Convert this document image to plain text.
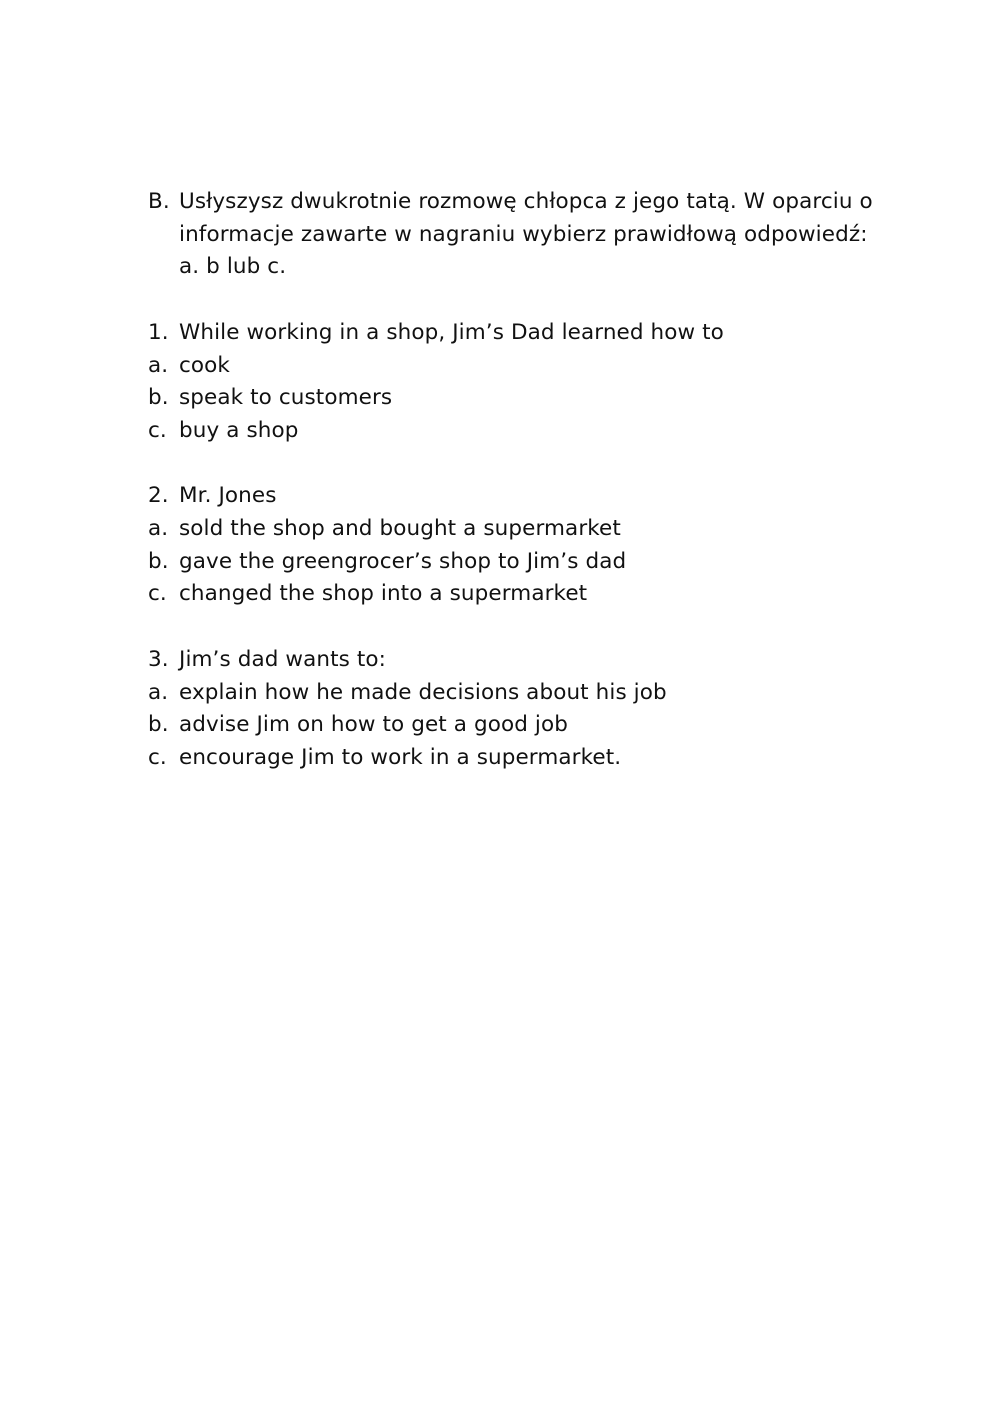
B. Usłyszysz dwukrotnie rozmowę chłopca z jego tatą. W oparciu o
informacje zawarte w nagraniu wybierz prawidłową odpowiedź:
a. b lub c.
1. While working in a shop, Jim’s Dad learned how to
a. cook
b. speak to customers
c. buy a shop
2. Mr. Jones
a. sold the shop and bought a supermarket
b. gave the greengrocer’s shop to Jim’s dad
c. changed the shop into a supermarket
3. Jim’s dad wants to:
a. explain how he made decisions about his job
b. advise Jim on how to get a good job
c. encourage Jim to work in a supermarket.
